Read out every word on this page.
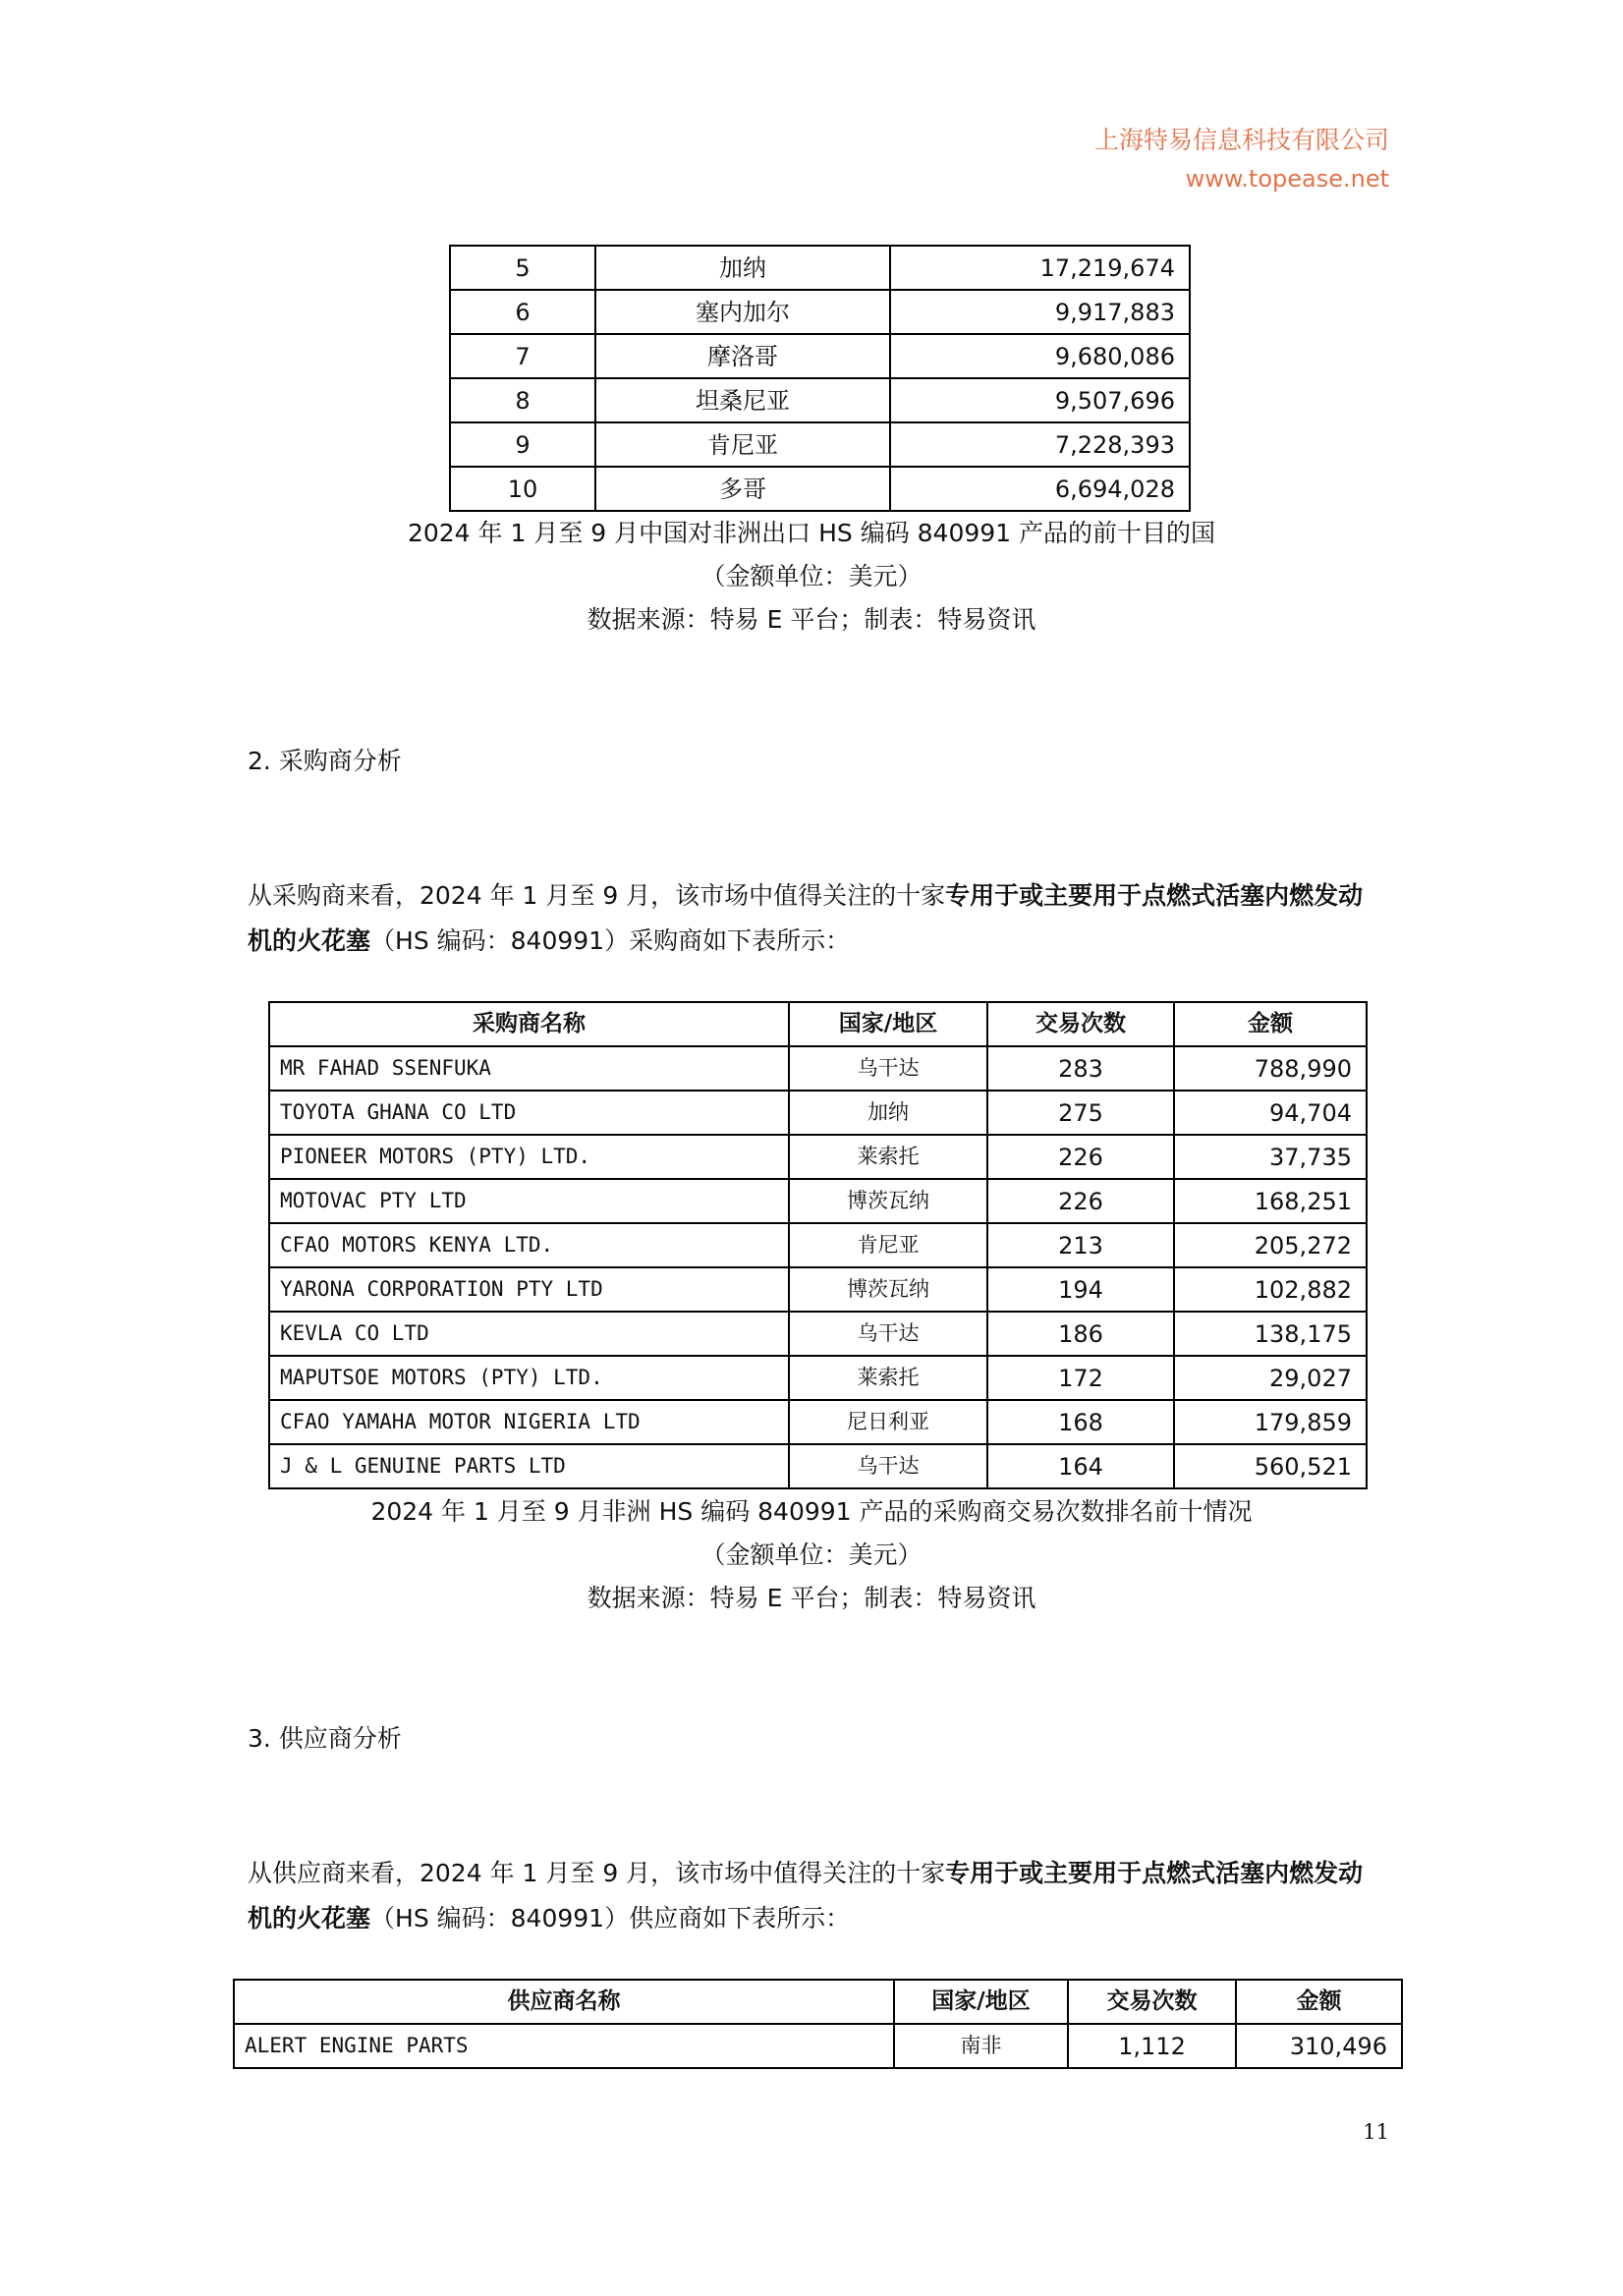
上海特易信息科技有限公司
www.topease.net
5	加纳	17,219,674
6	塞内加尔	9,917,883
7	摩洛哥	9,680,086
8	坦桑尼亚	9,507,696
9	肯尼亚	7,228,393
10	多哥	6,694,028
2024 年 1 月至 9 月中国对非洲出口 HS 编码 840991 产品的前十目的国
（金额单位：美元）
数据来源：特易 E 平台；制表：特易资讯
2. 采购商分析
从采购商来看，2024 年 1 月至 9 月，该市场中值得关注的十家专用于或主要用于点燃式活塞内燃发动机的火花塞（HS 编码：840991）采购商如下表所示：
采购商名称	国家/地区	交易次数	金额
MR FAHAD SSENFUKA	乌干达	283	788,990
TOYOTA GHANA CO LTD	加纳	275	94,704
PIONEER MOTORS (PTY) LTD.	莱索托	226	37,735
MOTOVAC PTY LTD	博茨瓦纳	226	168,251
CFAO MOTORS KENYA LTD.	肯尼亚	213	205,272
YARONA CORPORATION PTY LTD	博茨瓦纳	194	102,882
KEVLA CO LTD	乌干达	186	138,175
MAPUTSOE MOTORS (PTY) LTD.	莱索托	172	29,027
CFAO YAMAHA MOTOR NIGERIA LTD	尼日利亚	168	179,859
J & L GENUINE PARTS LTD	乌干达	164	560,521
2024 年 1 月至 9 月非洲 HS 编码 840991 产品的采购商交易次数排名前十情况
（金额单位：美元）
数据来源：特易 E 平台；制表：特易资讯
3. 供应商分析
从供应商来看，2024 年 1 月至 9 月，该市场中值得关注的十家专用于或主要用于点燃式活塞内燃发动机的火花塞（HS 编码：840991）供应商如下表所示：
供应商名称	国家/地区	交易次数	金额
ALERT ENGINE PARTS	南非	1,112	310,496
11
